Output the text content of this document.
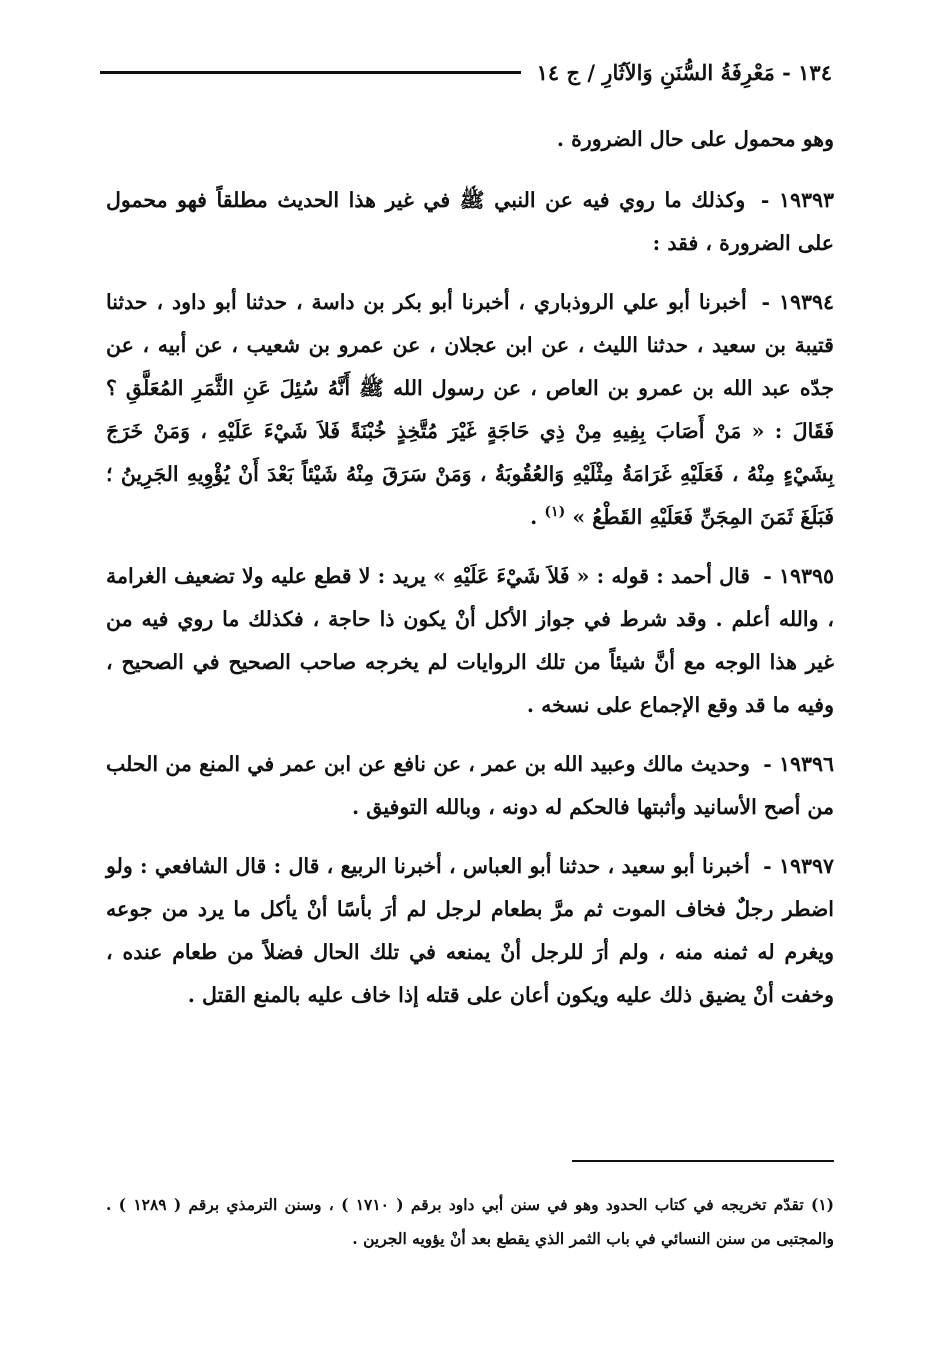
١٣٤ - مَعْرِفَةُ السُّنَنِ وَالآثَارِ / ج ١٤

وهو محمول على حال الضرورة .

١٩٣٩٣ - وكذلك ما روي فيه عن النبي ﷺ في غير هذا الحديث مطلقاً فهو محمول على الضرورة ، فقد :

١٩٣٩٤ - أخبرنا أبو علي الروذباري ، أخبرنا أبو بكر بن داسة ، حدثنا أبو داود ، حدثنا قتيبة بن سعيد ، حدثنا الليث ، عن ابن عجلان ، عن عمرو بن شعيب ، عن أبيه ، عن جدّه عبد الله بن عمرو بن العاص ، عن رسول الله ﷺ أَنَّهُ سُئِلَ عَنِ الثَّمَرِ المُعَلَّقِ ؟ فَقَالَ : « مَنْ أَصَابَ بِفِيهِ مِنْ ذِي حَاجَةٍ غَيْرَ مُتَّخِذٍ خُبْنَةً فَلاَ شَيْءَ عَلَيْهِ ، وَمَنْ خَرَجَ بِشَيْءٍ مِنْهُ ، فَعَلَيْهِ غَرَامَةُ مِثْلَيْهِ وَالعُقُوبَةُ ، وَمَنْ سَرَقَ مِنْهُ شَيْئاً بَعْدَ أَنْ يُؤْوِيهِ الجَرِينُ ؛ فَبَلَغَ ثَمَنَ المِجَنِّ فَعَلَيْهِ القَطْعُ » $^{(١)}$ .

١٩٣٩٥ - قال أحمد : قوله : « فَلاَ شَيْءَ عَلَيْهِ » يريد : لا قطع عليه ولا تضعيف الغرامة ، والله أعلم . وقد شرط في جواز الأكل أنْ يكون ذا حاجة ، فكذلك ما روي فيه من غير هذا الوجه مع أنَّ شيئاً من تلك الروايات لم يخرجه صاحب الصحيح في الصحيح ، وفيه ما قد وقع الإجماع على نسخه .

١٩٣٩٦ - وحديث مالك وعبيد الله بن عمر ، عن نافع عن ابن عمر في المنع من الحلب من أصح الأسانيد وأثبتها فالحكم له دونه ، وبالله التوفيق .

١٩٣٩٧ - أخبرنا أبو سعيد ، حدثنا أبو العباس ، أخبرنا الربيع ، قال : قال الشافعي : ولو اضطر رجلٌ فخاف الموت ثم مرَّ بطعام لرجل لم أرَ بأسًا أنْ يأكل ما يرد من جوعه ويغرم له ثمنه منه ، ولم أرَ للرجل أنْ يمنعه في تلك الحال فضلاً من طعام عنده ، وخفت أنْ يضيق ذلك عليه ويكون أعان على قتله إذا خاف عليه بالمنع القتل .

(١) تقدّم تخريجه في كتاب الحدود وهو في سنن أبي داود برقم ( ١٧١٠ ) ، وسنن الترمذي برقم ( ١٢٨٩ ) . والمجتبى من سنن النسائي في باب الثمر الذي يقطع بعد أنْ يؤويه الجرين .
